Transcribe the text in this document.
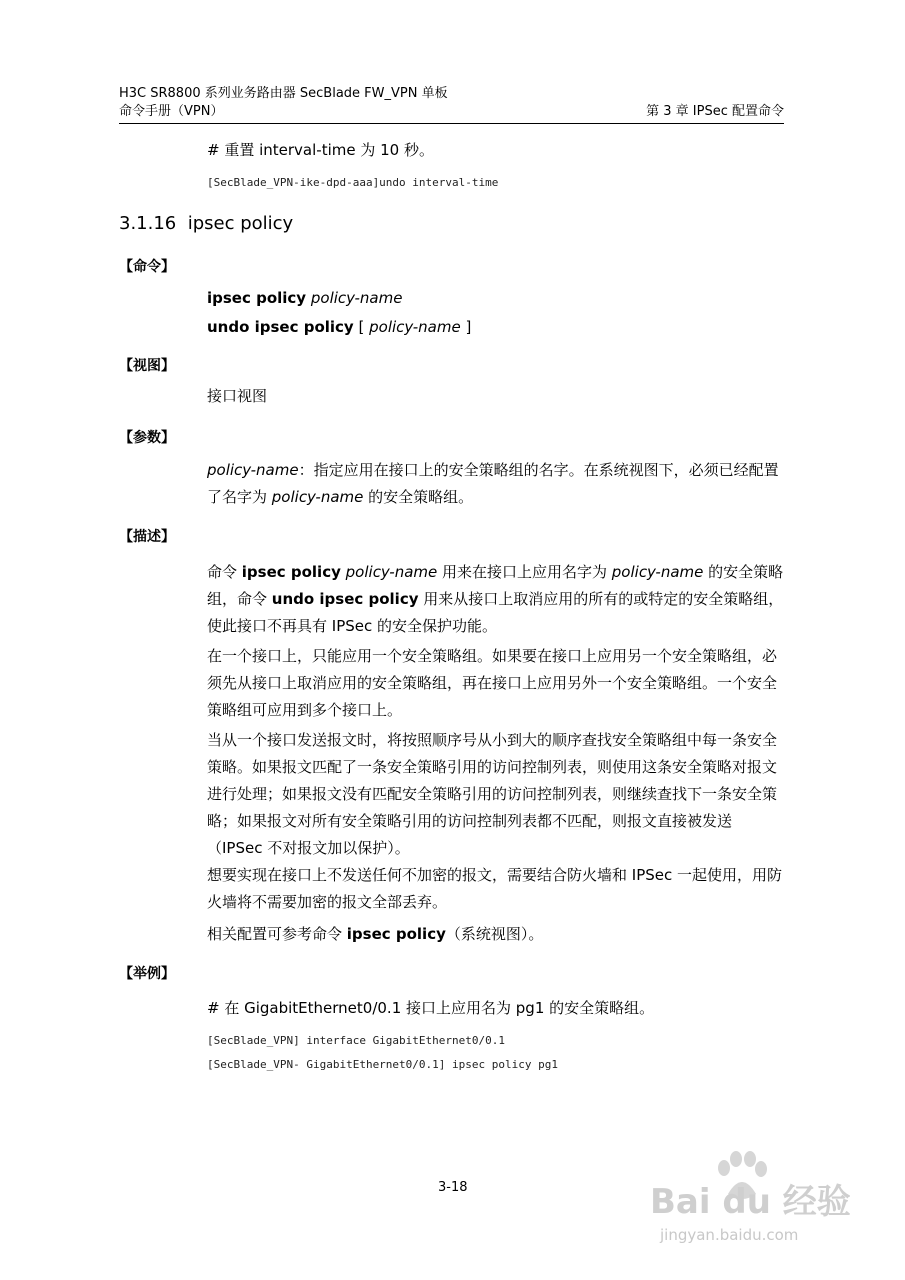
H3C SR8800 系列业务路由器 SecBlade FW_VPN 单板
命令手册（VPN）	第 3 章 IPSec 配置命令
# 重置 interval-time 为 10 秒。
[SecBlade_VPN-ike-dpd-aaa]undo interval-time
3.1.16 ipsec policy
【命令】
ipsec policy policy-name
undo ipsec policy [ policy-name ]
【视图】
接口视图
【参数】
policy-name：指定应用在接口上的安全策略组的名字。在系统视图下，必须已经配置了名字为 policy-name 的安全策略组。
【描述】
命令 ipsec policy policy-name 用来在接口上应用名字为 policy-name 的安全策略组，命令 undo ipsec policy 用来从接口上取消应用的所有的或特定的安全策略组，使此接口不再具有 IPSec 的安全保护功能。
在一个接口上，只能应用一个安全策略组。如果要在接口上应用另一个安全策略组，必须先从接口上取消应用的安全策略组，再在接口上应用另外一个安全策略组。一个安全策略组可应用到多个接口上。
当从一个接口发送报文时，将按照顺序号从小到大的顺序查找安全策略组中每一条安全策略。如果报文匹配了一条安全策略引用的访问控制列表，则使用这条安全策略对报文进行处理；如果报文没有匹配安全策略引用的访问控制列表，则继续查找下一条安全策略；如果报文对所有安全策略引用的访问控制列表都不匹配，则报文直接被发送（IPSec 不对报文加以保护）。
想要实现在接口上不发送任何不加密的报文，需要结合防火墙和 IPSec 一起使用，用防火墙将不需要加密的报文全部丢弃。
相关配置可参考命令 ipsec policy（系统视图）。
【举例】
# 在 GigabitEthernet0/0.1 接口上应用名为 pg1 的安全策略组。
[SecBlade_VPN] interface GigabitEthernet0/0.1
[SecBlade_VPN- GigabitEthernet0/0.1] ipsec policy pg1
3-18	Bai du 经验
jingyan.baidu.com
